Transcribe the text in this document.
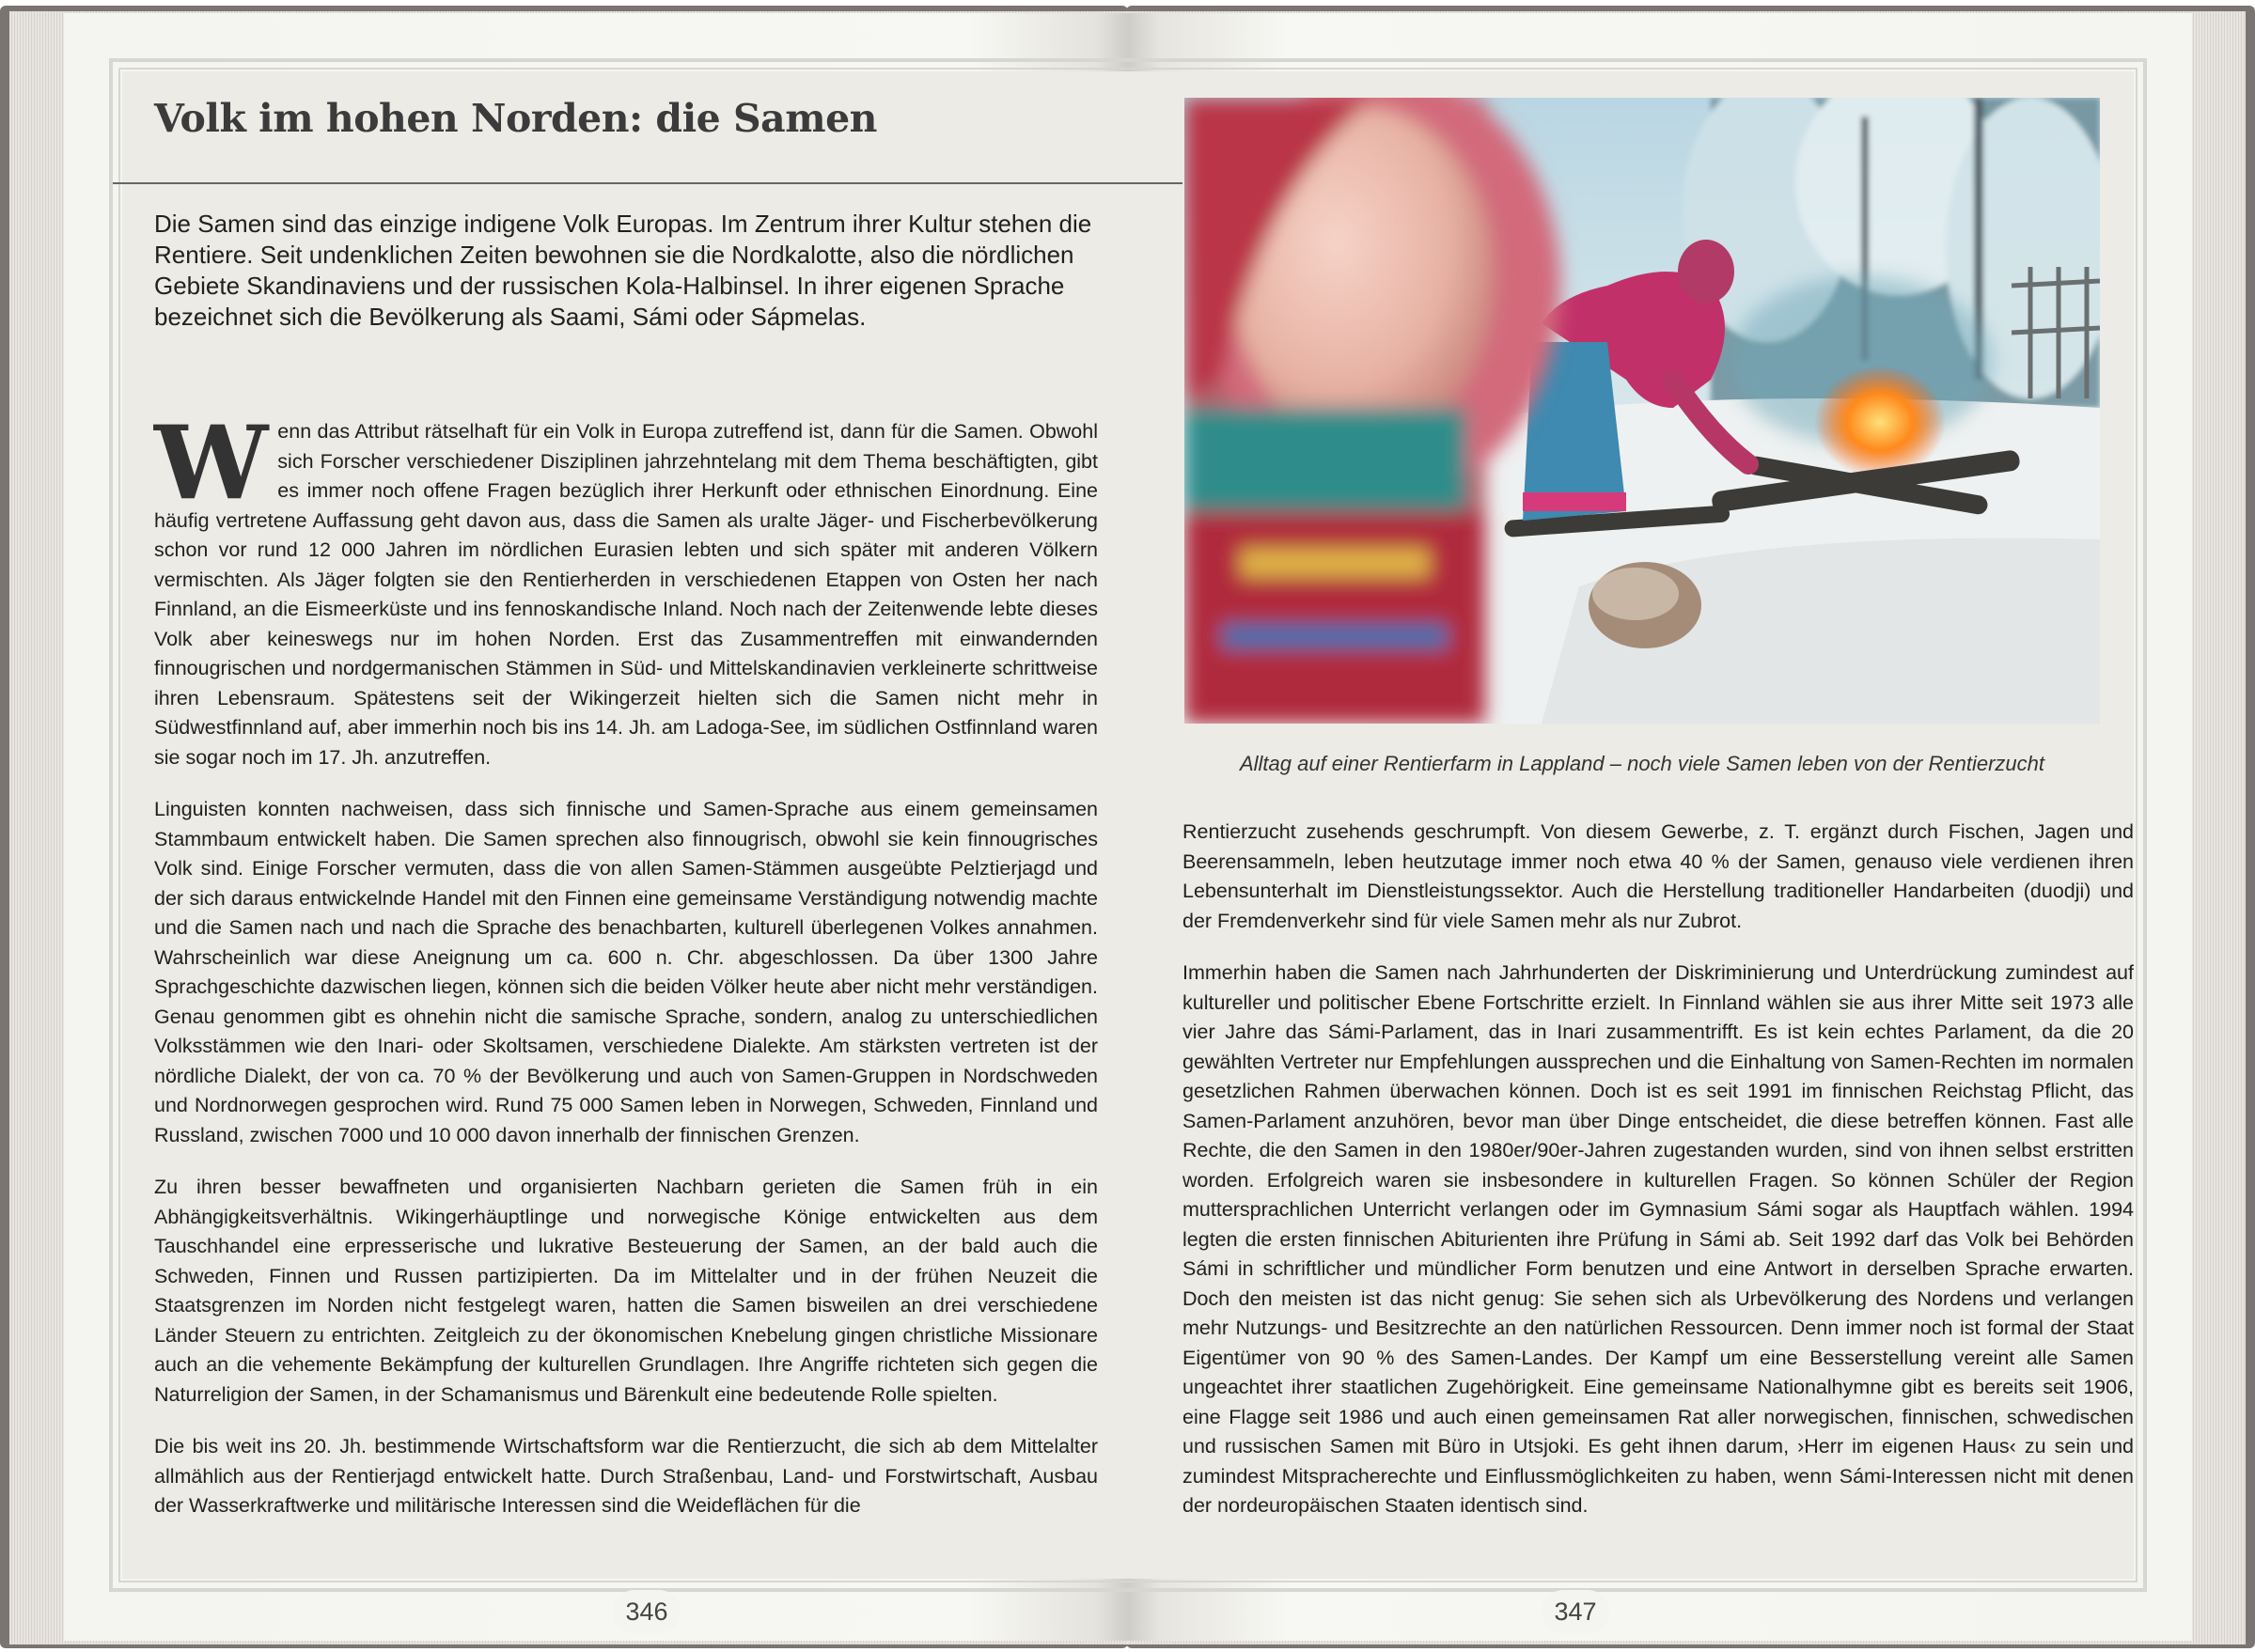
Volk im hohen Norden: die Samen
Die Samen sind das einzige indigene Volk Europas. Im Zentrum ihrer Kultur stehen die Rentiere. Seit undenklichen Zeiten bewohnen sie die Nordkalotte, also die nördlichen Gebiete Skandinaviens und der russischen Kola-Halbinsel. In ihrer eigenen Sprache bezeichnet sich die Bevölkerung als Saami, Sámi oder Sápmelas.

Wenn das Attribut rätselhaft für ein Volk in Europa zutreffend ist, dann für die Samen. Obwohl sich Forscher verschiedener Disziplinen jahrzehntelang mit dem Thema beschäftigten, gibt es immer noch offene Fragen bezüglich ihrer Herkunft oder ethnischen Einordnung. Eine häufig vertretene Auffassung geht davon aus, dass die Samen als uralte Jäger- und Fischerbevölkerung schon vor rund 12 000 Jahren im nördlichen Eurasien lebten und sich später mit anderen Völkern vermischten. Als Jäger folgten sie den Rentierherden in verschiedenen Etappen von Osten her nach Finnland, an die Eismeerküste und ins fennoskandische Inland. Noch nach der Zeitenwende lebte dieses Volk aber keineswegs nur im hohen Norden. Erst das Zusammentreffen mit einwandernden finnougrischen und nordgermanischen Stämmen in Süd- und Mittelskandinavien verkleinerte schrittweise ihren Lebensraum. Spätestens seit der Wikingerzeit hielten sich die Samen nicht mehr in Südwestfinnland auf, aber immerhin noch bis ins 14. Jh. am Ladoga-See, im südlichen Ostfinnland waren sie sogar noch im 17. Jh. anzutreffen.

Linguisten konnten nachweisen, dass sich finnische und Samen-Sprache aus einem gemeinsamen Stammbaum entwickelt haben. Die Samen sprechen also finnougrisch, obwohl sie kein finnougrisches Volk sind. Einige Forscher vermuten, dass die von allen Samen-Stämmen ausgeübte Pelztierjagd und der sich daraus entwickelnde Handel mit den Finnen eine gemeinsame Verständigung notwendig machte und die Samen nach und nach die Sprache des benachbarten, kulturell überlegenen Volkes annahmen. Wahrscheinlich war diese Aneignung um ca. 600 n. Chr. abgeschlossen. Da über 1300 Jahre Sprachgeschichte dazwischen liegen, können sich die beiden Völker heute aber nicht mehr verständigen. Genau genommen gibt es ohnehin nicht die samische Sprache, sondern, analog zu unterschiedlichen Volksstämmen wie den Inari- oder Skoltsamen, verschiedene Dialekte. Am stärksten vertreten ist der nördliche Dialekt, der von ca. 70 % der Bevölkerung und auch von Samen-Gruppen in Nordschweden und Nordnorwegen gesprochen wird. Rund 75 000 Samen leben in Norwegen, Schweden, Finnland und Russland, zwischen 7000 und 10 000 davon innerhalb der finnischen Grenzen.

Zu ihren besser bewaffneten und organisierten Nachbarn gerieten die Samen früh in ein Abhängigkeitsverhältnis. Wikingerhäuptlinge und norwegische Könige entwickelten aus dem Tauschhandel eine erpresserische und lukrative Besteuerung der Samen, an der bald auch die Schweden, Finnen und Russen partizipierten. Da im Mittelalter und in der frühen Neuzeit die Staatsgrenzen im Norden nicht festgelegt waren, hatten die Samen bisweilen an drei verschiedene Länder Steuern zu entrichten. Zeitgleich zu der ökonomischen Knebelung gingen christliche Missionare auch an die vehemente Bekämpfung der kulturellen Grundlagen. Ihre Angriffe richteten sich gegen die Naturreligion der Samen, in der Schamanismus und Bärenkult eine bedeutende Rolle spielten.

Die bis weit ins 20. Jh. bestimmende Wirtschaftsform war die Rentierzucht, die sich ab dem Mittelalter allmählich aus der Rentierjagd entwickelt hatte. Durch Straßenbau, Land- und Forstwirtschaft, Ausbau der Wasserkraftwerke und militärische Interessen sind die Weideflächen für die

346
Alltag auf einer Rentierfarm in Lappland – noch viele Samen leben von der Rentierzucht

Rentierzucht zusehends geschrumpft. Von diesem Gewerbe, z. T. ergänzt durch Fischen, Jagen und Beerensammeln, leben heutzutage immer noch etwa 40 % der Samen, genauso viele verdienen ihren Lebensunterhalt im Dienstleistungssektor. Auch die Herstellung traditioneller Handarbeiten (duodji) und der Fremdenverkehr sind für viele Samen mehr als nur Zubrot.

Immerhin haben die Samen nach Jahrhunderten der Diskriminierung und Unterdrückung zumindest auf kultureller und politischer Ebene Fortschritte erzielt. In Finnland wählen sie aus ihrer Mitte seit 1973 alle vier Jahre das Sámi-Parlament, das in Inari zusammentrifft. Es ist kein echtes Parlament, da die 20 gewählten Vertreter nur Empfehlungen aussprechen und die Einhaltung von Samen-Rechten im normalen gesetzlichen Rahmen überwachen können. Doch ist es seit 1991 im finnischen Reichstag Pflicht, das Samen-Parlament anzuhören, bevor man über Dinge entscheidet, die diese betreffen können. Fast alle Rechte, die den Samen in den 1980er/90er-Jahren zugestanden wurden, sind von ihnen selbst erstritten worden. Erfolgreich waren sie insbesondere in kulturellen Fragen. So können Schüler der Region muttersprachlichen Unterricht verlangen oder im Gymnasium Sámi sogar als Hauptfach wählen. 1994 legten die ersten finnischen Abiturienten ihre Prüfung in Sámi ab. Seit 1992 darf das Volk bei Behörden Sámi in schriftlicher und mündlicher Form benutzen und eine Antwort in derselben Sprache erwarten. Doch den meisten ist das nicht genug: Sie sehen sich als Urbevölkerung des Nordens und verlangen mehr Nutzungs- und Besitzrechte an den natürlichen Ressourcen. Denn immer noch ist formal der Staat Eigentümer von 90 % des Samen-Landes. Der Kampf um eine Besserstellung vereint alle Samen ungeachtet ihrer staatlichen Zugehörigkeit. Eine gemeinsame Nationalhymne gibt es bereits seit 1906, eine Flagge seit 1986 und auch einen gemeinsamen Rat aller norwegischen, finnischen, schwedischen und russischen Samen mit Büro in Utsjoki. Es geht ihnen darum, ›Herr im eigenen Haus‹ zu sein und zumindest Mitspracherechte und Einflussmöglichkeiten zu haben, wenn Sámi-Interessen nicht mit denen der nordeuropäischen Staaten identisch sind.

347
